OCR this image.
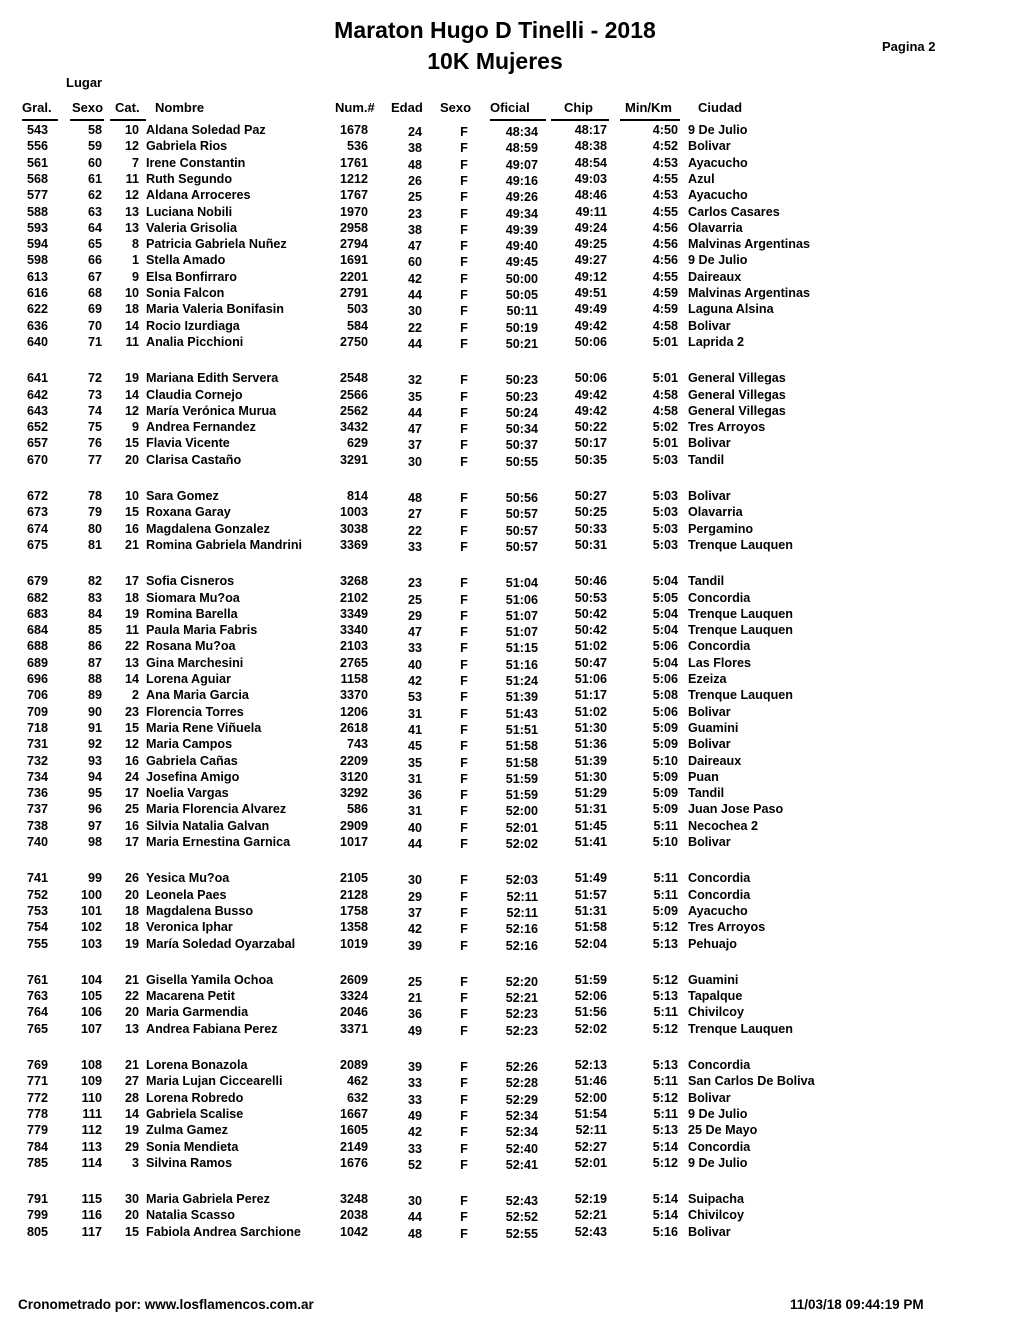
Maraton Hugo D Tinelli - 2018
10K Mujeres
Pagina 2
Lugar
Gral. Sexo Cat. Nombre	Num.# Edad Sexo Oficial	Chip Min/Km Ciudad
543	58	10 Aldana Soledad Paz	1678	24	F	48:34	48:17	4:50 9 De Julio
556	59	12 Gabriela Rios	536	38	F	48:59	48:38	4:52 Bolivar
561	60	7 Irene Constantin	1761	48	F	49:07	48:54	4:53 Ayacucho
568	61	11 Ruth Segundo	1212	26	F	49:16	49:03	4:55 Azul
577	62	12 Aldana Arroceres	1767	25	F	49:26	48:46	4:53 Ayacucho
588	63	13 Luciana Nobili	1970	23	F	49:34	49:11	4:55 Carlos Casares
593	64	13 Valeria Grisolia	2958	38	F	49:39	49:24	4:56 Olavarria
594	65	8 Patricia Gabriela Nuñez	2794	47	F	49:40	49:25	4:56 Malvinas Argentinas
598	66	1 Stella Amado	1691	60	F	49:45	49:27	4:56 9 De Julio
613	67	9 Elsa Bonfirraro	2201	42	F	50:00	49:12	4:55 Daireaux
616	68	10 Sonia Falcon	2791	44	F	50:05	49:51	4:59 Malvinas Argentinas
622	69	18 Maria Valeria Bonifasin	503	30	F	50:11	49:49	4:59 Laguna Alsina
636	70	14 Rocio Izurdiaga	584	22	F	50:19	49:42	4:58 Bolivar
640	71	11 Analia Picchioni	2750	44	F	50:21	50:06	5:01 Laprida 2
641	72	19 Mariana Edith Servera	2548	32	F	50:23	50:06	5:01 General Villegas
642	73	14 Claudia Cornejo	2566	35	F	50:23	49:42	4:58 General Villegas
643	74	12 María Verónica Murua	2562	44	F	50:24	49:42	4:58 General Villegas
652	75	9 Andrea Fernandez	3432	47	F	50:34	50:22	5:02 Tres Arroyos
657	76	15 Flavia Vicente	629	37	F	50:37	50:17	5:01 Bolivar
670	77	20 Clarisa Castaño	3291	30	F	50:55	50:35	5:03 Tandil
672	78	10 Sara Gomez	814	48	F	50:56	50:27	5:03 Bolivar
673	79	15 Roxana Garay	1003	27	F	50:57	50:25	5:03 Olavarria
674	80	16 Magdalena Gonzalez	3038	22	F	50:57	50:33	5:03 Pergamino
675	81	21 Romina Gabriela Mandrini	3369	33	F	50:57	50:31	5:03 Trenque Lauquen
679	82	17 Sofia Cisneros	3268	23	F	51:04	50:46	5:04 Tandil
682	83	18 Siomara Mu?oa	2102	25	F	51:06	50:53	5:05 Concordia
683	84	19 Romina Barella	3349	29	F	51:07	50:42	5:04 Trenque Lauquen
684	85	11 Paula Maria Fabris	3340	47	F	51:07	50:42	5:04 Trenque Lauquen
688	86	22 Rosana Mu?oa	2103	33	F	51:15	51:02	5:06 Concordia
689	87	13 Gina Marchesini	2765	40	F	51:16	50:47	5:04 Las Flores
696	88	14 Lorena Aguiar	1158	42	F	51:24	51:06	5:06 Ezeiza
706	89	2 Ana Maria Garcia	3370	53	F	51:39	51:17	5:08 Trenque Lauquen
709	90	23 Florencia Torres	1206	31	F	51:43	51:02	5:06 Bolivar
718	91	15 Maria Rene Viñuela	2618	41	F	51:51	51:30	5:09 Guamini
731	92	12 Maria Campos	743	45	F	51:58	51:36	5:09 Bolivar
732	93	16 Gabriela Cañas	2209	35	F	51:58	51:39	5:10 Daireaux
734	94	24 Josefina Amigo	3120	31	F	51:59	51:30	5:09 Puan
736	95	17 Noelia Vargas	3292	36	F	51:59	51:29	5:09 Tandil
737	96	25 Maria Florencia Alvarez	586	31	F	52:00	51:31	5:09 Juan Jose Paso
738	97	16 Silvia Natalia Galvan	2909	40	F	52:01	51:45	5:11 Necochea 2
740	98	17 Maria Ernestina Garnica	1017	44	F	52:02	51:41	5:10 Bolivar
741	99	26 Yesica Mu?oa	2105	30	F	52:03	51:49	5:11 Concordia
752	100	20 Leonela Paes	2128	29	F	52:11	51:57	5:11 Concordia
753	101	18 Magdalena Busso	1758	37	F	52:11	51:31	5:09 Ayacucho
754	102	18 Veronica Iphar	1358	42	F	52:16	51:58	5:12 Tres Arroyos
755	103	19 María Soledad Oyarzabal	1019	39	F	52:16	52:04	5:13 Pehuajo
761	104	21 Gisella Yamila Ochoa	2609	25	F	52:20	51:59	5:12 Guamini
763	105	22 Macarena Petit	3324	21	F	52:21	52:06	5:13 Tapalque
764	106	20 Maria Garmendia	2046	36	F	52:23	51:56	5:11 Chivilcoy
765	107	13 Andrea Fabiana Perez	3371	49	F	52:23	52:02	5:12 Trenque Lauquen
769	108	21 Lorena Bonazola	2089	39	F	52:26	52:13	5:13 Concordia
771	109	27 Maria Lujan Ciccearelli	462	33	F	52:28	51:46	5:11 San Carlos De Boliva
772	110	28 Lorena Robredo	632	33	F	52:29	52:00	5:12 Bolivar
778	111	14 Gabriela Scalise	1667	49	F	52:34	51:54	5:11 9 De Julio
779	112	19 Zulma Gamez	1605	42	F	52:34	52:11	5:13 25 De Mayo
784	113	29 Sonia Mendieta	2149	33	F	52:40	52:27	5:14 Concordia
785	114	3 Silvina Ramos	1676	52	F	52:41	52:01	5:12 9 De Julio
791	115	30 Maria Gabriela Perez	3248	30	F	52:43	52:19	5:14 Suipacha
799	116	20 Natalia Scasso	2038	44	F	52:52	52:21	5:14 Chivilcoy
805	117	15 Fabiola Andrea Sarchione	1042	48	F	52:55	52:43	5:16 Bolivar
Cronometrado por: www.losflamencos.com.ar	11/03/18 09:44:19 PM
